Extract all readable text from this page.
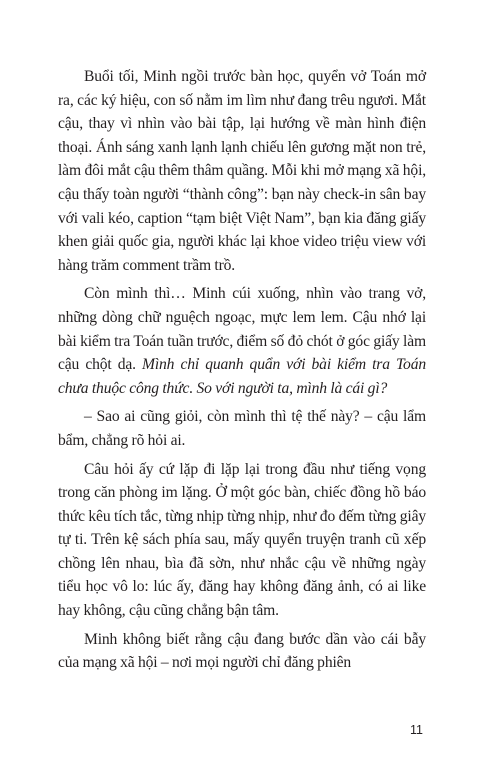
Buổi tối, Minh ngồi trước bàn học, quyển vở Toán mở ra, các ký hiệu, con số nằm im lìm như đang trêu ngươi. Mắt cậu, thay vì nhìn vào bài tập, lại hướng về màn hình điện thoại. Ánh sáng xanh lạnh lạnh chiếu lên gương mặt non trẻ, làm đôi mắt cậu thêm thâm quầng. Mỗi khi mở mạng xã hội, cậu thấy toàn người “thành công”: bạn này check-in sân bay với vali kéo, caption “tạm biệt Việt Nam”, bạn kia đăng giấy khen giải quốc gia, người khác lại khoe video triệu view với hàng trăm comment trầm trồ.

Còn mình thì… Minh cúi xuống, nhìn vào trang vở, những dòng chữ nguệch ngoạc, mực lem lem. Cậu nhớ lại bài kiểm tra Toán tuần trước, điểm số đỏ chót ở góc giấy làm cậu chột dạ. Mình chỉ quanh quẩn với bài kiểm tra Toán chưa thuộc công thức. So với người ta, mình là cái gì?

– Sao ai cũng giỏi, còn mình thì tệ thế này? – cậu lẩm bẩm, chẳng rõ hỏi ai.

Câu hỏi ấy cứ lặp đi lặp lại trong đầu như tiếng vọng trong căn phòng im lặng. Ở một góc bàn, chiếc đồng hồ báo thức kêu tích tắc, từng nhịp từng nhịp, như đo đếm từng giây tự ti. Trên kệ sách phía sau, mấy quyển truyện tranh cũ xếp chồng lên nhau, bìa đã sờn, như nhắc cậu về những ngày tiểu học vô lo: lúc ấy, đăng hay không đăng ảnh, có ai like hay không, cậu cũng chẳng bận tâm.

Minh không biết rằng cậu đang bước dần vào cái bẫy của mạng xã hội – nơi mọi người chỉ đăng phiên

11
